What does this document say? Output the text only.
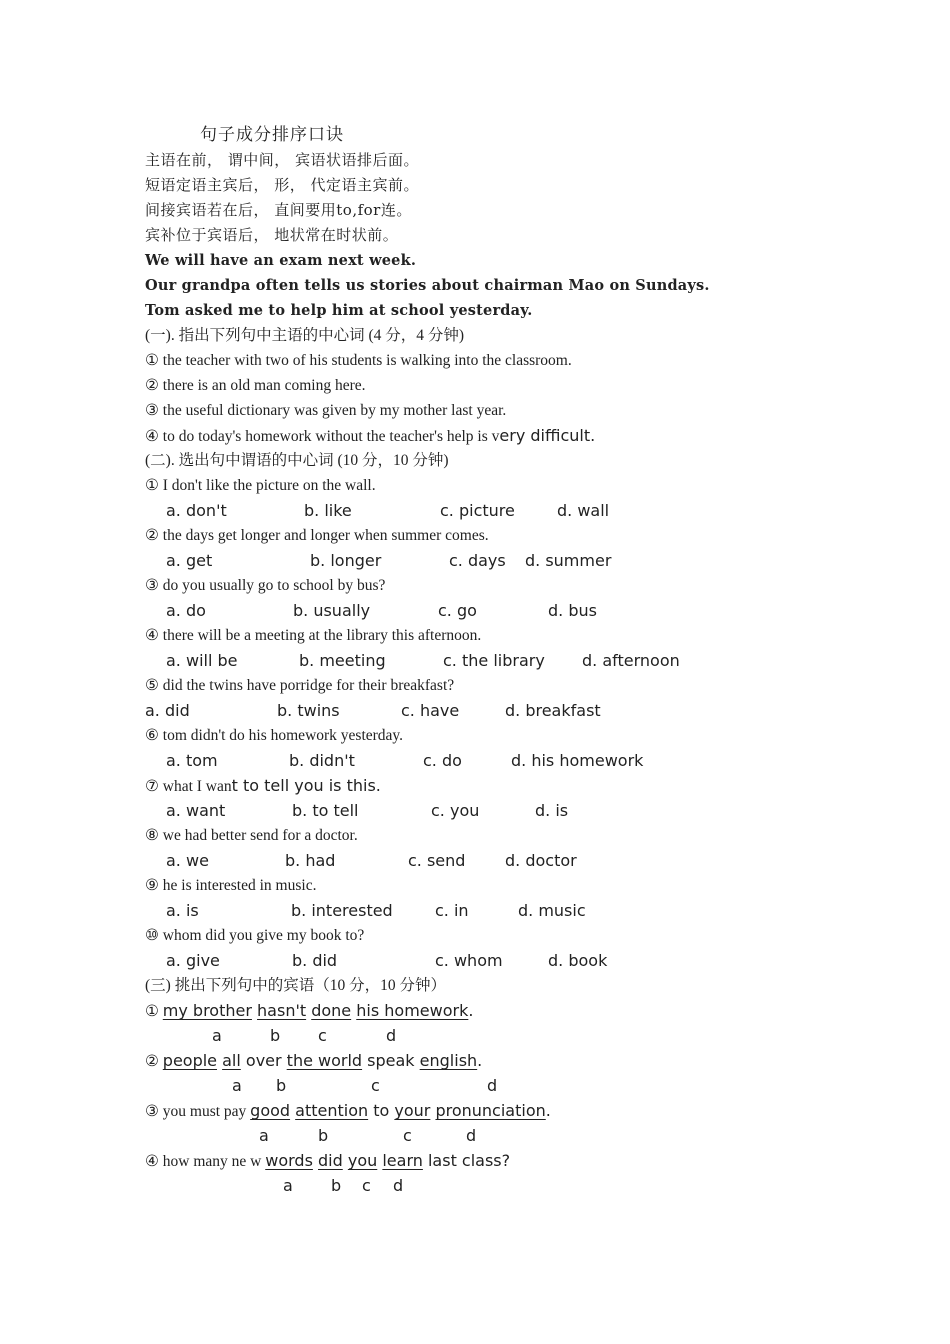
句子成分排序口诀
主语在前， 谓中间， 宾语状语排后面。
短语定语主宾后， 形， 代定语主宾前。
间接宾语若在后， 直间要用to,for连。
宾补位于宾语后， 地状常在时状前。
We will have an exam next week.
Our grandpa often tells us stories about chairman Mao on Sundays.
Tom asked me to help him at school yesterday.
(一). 指出下列句中主语的中心词 (4 分，4 分钟)
① the teacher with two of his students is walking into the classroom.
② there is an old man coming here.
③ the useful dictionary was given by my mother last year.
④ to do today's homework without the teacher's help is very difficult.
(二). 选出句中谓语的中心词 (10 分，10 分钟)
① I don't like the picture on the wall.
a. don't	b. like	c. picture	d. wall
② the days get longer and longer when summer comes.
a. get	b. longer	c. days d. summer
③ do you usually go to school by bus?
a. do	b. usually	c. go	d. bus
④ there will be a meeting at the library this afternoon.
a. will be	b. meeting	c. the library d. afternoon
⑤ did the twins have porridge for their breakfast?
a. did	b. twins	c. have	d. breakfast
⑥ tom didn't do his homework yesterday.
a. tom	b. didn't	c. do	d. his homework
⑦ what I want to tell you is this.
a. want	b. to tell	c. you	d. is
⑧ we had better send for a doctor.
a. we	b. had	c. send d. doctor
⑨ he is interested in music.
a. is	b. interested	c. in	d. music
⑩ whom did you give my book to?
a. give	b. did	c. whom	d. book
(三) 挑出下列句中的宾语（10 分，10 分钟）
① my brother hasn't done his homework.
a	b c	d
② people all over the world speak english.
a b	c	d
③ you must pay good attention to your pronunciation.
a	b	c	d
④ how many ne w words did you learn last class?
a b c d
